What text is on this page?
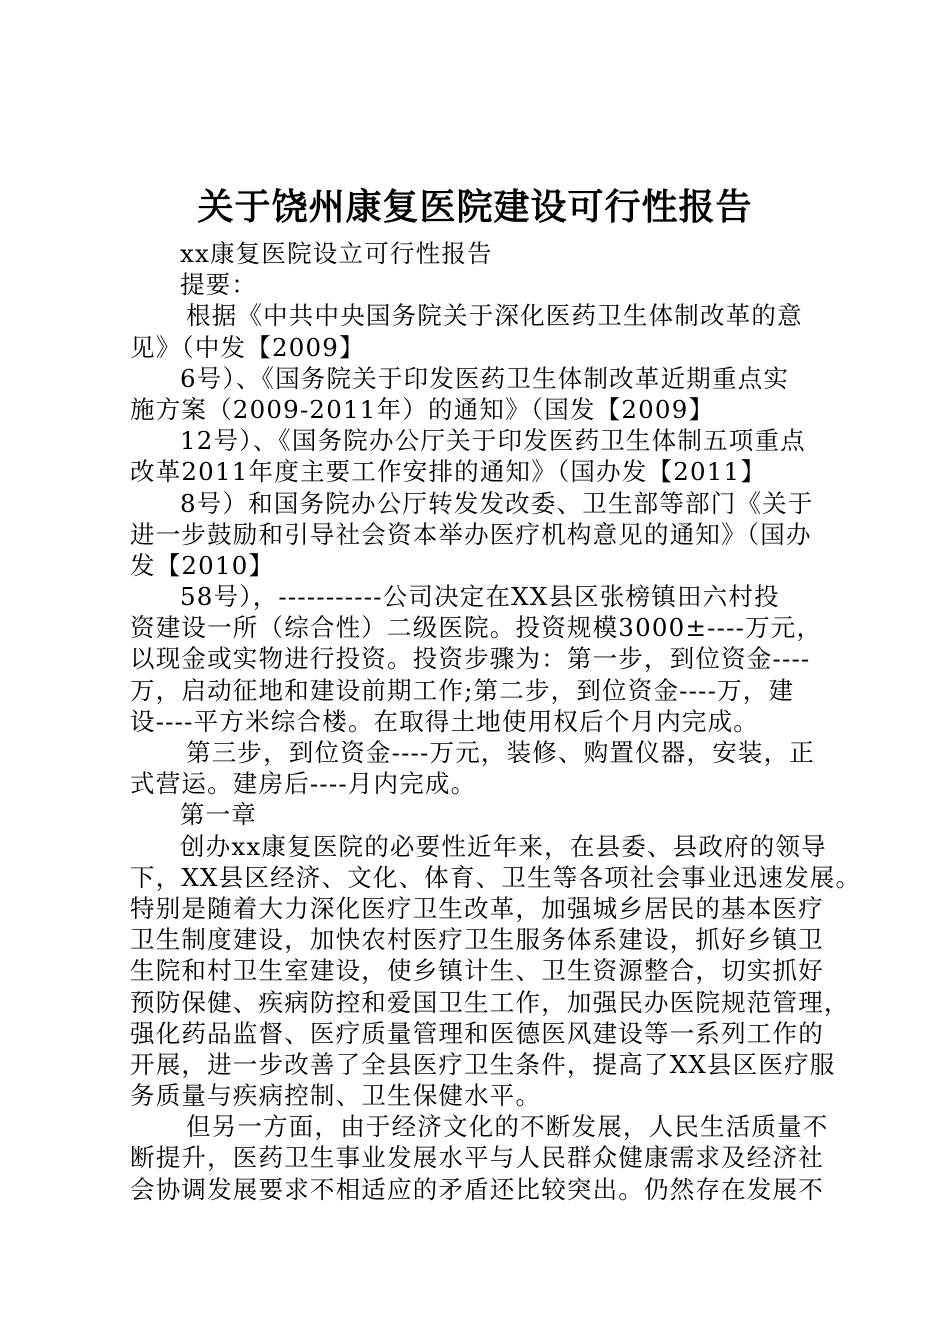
关于饶州康复医院建设可行性报告
xx康复医院设立可行性报告
提要：
根据《中共中央国务院关于深化医药卫生体制改革的意
见》（中发【2009】
6号）、《国务院关于印发医药卫生体制改革近期重点实
施方案（2009-2011年）的通知》（国发【2009】
12号）、《国务院办公厅关于印发医药卫生体制五项重点
改革2011年度主要工作安排的通知》（国办发【2011】
8号）和国务院办公厅转发发改委、卫生部等部门《关于
进一步鼓励和引导社会资本举办医疗机构意见的通知》（国办
发【2010】
58号），-----------公司决定在XX县区张榜镇田六村投
资建设一所（综合性）二级医院。投资规模3000±----万元，
以现金或实物进行投资。投资步骤为：第一步，到位资金----
万，启动征地和建设前期工作;第二步，到位资金----万，建
设----平方米综合楼。在取得土地使用权后个月内完成。
第三步，到位资金----万元，装修、购置仪器，安装，正
式营运。建房后----月内完成。
第一章
创办xx康复医院的必要性近年来，在县委、县政府的领导
下，XX县区经济、文化、体育、卫生等各项社会事业迅速发展。
特别是随着大力深化医疗卫生改革，加强城乡居民的基本医疗
卫生制度建设，加快农村医疗卫生服务体系建设，抓好乡镇卫
生院和村卫生室建设，使乡镇计生、卫生资源整合，切实抓好
预防保健、疾病防控和爱国卫生工作，加强民办医院规范管理，
强化药品监督、医疗质量管理和医德医风建设等一系列工作的
开展，进一步改善了全县医疗卫生条件，提高了XX县区医疗服
务质量与疾病控制、卫生保健水平。
但另一方面，由于经济文化的不断发展，人民生活质量不
断提升，医药卫生事业发展水平与人民群众健康需求及经济社
会协调发展要求不相适应的矛盾还比较突出。仍然存在发展不
